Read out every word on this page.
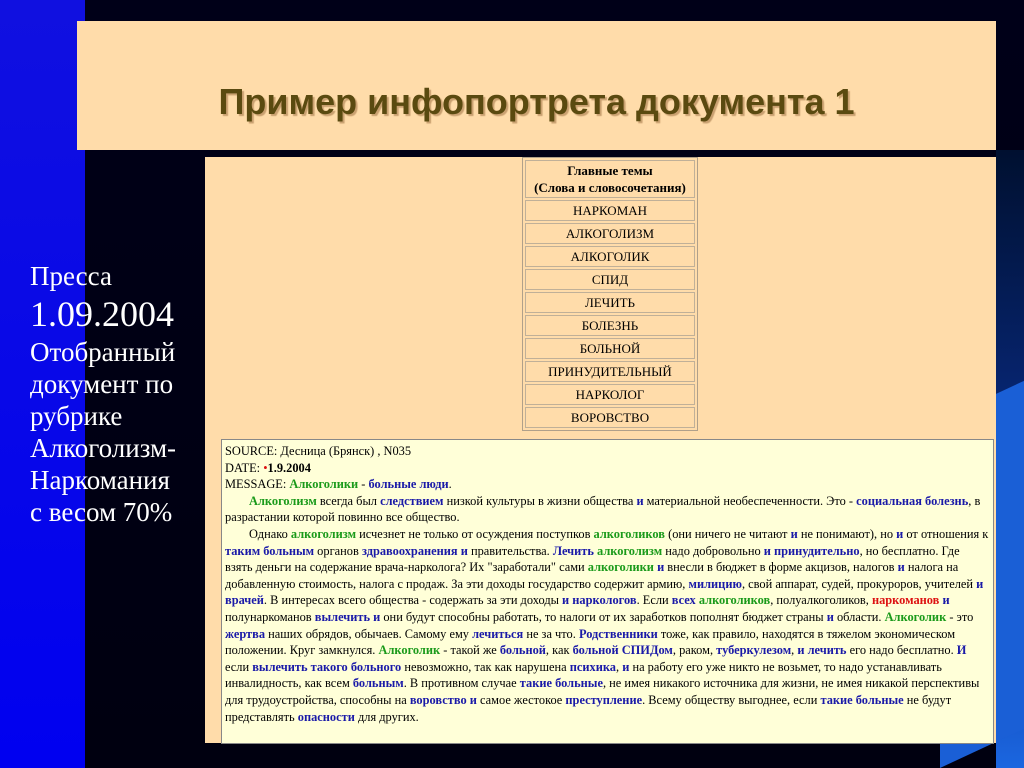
Пример инфопортрета документа 1
Пресса
1.09.2004
Отобранный
документ по
рубрике
Алкоголизм-
Наркомания
с весом 70%
Главные темы
(Слова и словосочетания)
НАРКОМАН
АЛКОГОЛИЗМ
АЛКОГОЛИК
СПИД
ЛЕЧИТЬ
БОЛЕЗНЬ
БОЛЬНОЙ
ПРИНУДИТЕЛЬНЫЙ
НАРКОЛОГ
ВОРОВСТВО
SOURCE: Десница (Брянск) , N035
DATE: •1.9.2004
MESSAGE: Алкоголики - больные люди.
Алкоголизм всегда был следствием низкой культуры в жизни общества и материальной необеспеченности. Это - социальная болезнь, в разрастании которой повинно все общество.
Однако алкоголизм исчезнет не только от осуждения поступков алкоголиков (они ничего не читают и не понимают), но и от отношения к таким больным органов здравоохранения и правительства. Лечить алкоголизм надо добровольно и принудительно, но бесплатно. Где взять деньги на содержание врача-нарколога? Их "заработали" сами алкоголики и внесли в бюджет в форме акцизов, налогов и налога на добавленную стоимость, налога с продаж. За эти доходы государство содержит армию, милицию, свой аппарат, судей, прокуроров, учителей и врачей. В интересах всего общества - содержать за эти доходы и наркологов. Если всех алкоголиков, полуалкоголиков, наркоманов и полунаркоманов вылечить и они будут способны работать, то налоги от их заработков пополнят бюджет страны и области. Алкоголик - это жертва наших обрядов, обычаев. Самому ему лечиться не за что. Родственники тоже, как правило, находятся в тяжелом экономическом положении. Круг замкнулся. Алкоголик - такой же больной, как больной СПИДом, раком, туберкулезом, и лечить его надо бесплатно. И если вылечить такого больного невозможно, так как нарушена психика, и на работу его уже никто не возьмет, то надо устанавливать инвалидность, как всем больным. В противном случае такие больные, не имея никакого источника для жизни, не имея никакой перспективы для трудоустройства, способны на воровство и самое жестокое преступление. Всему обществу выгоднее, если такие больные не будут представлять опасности для других.
